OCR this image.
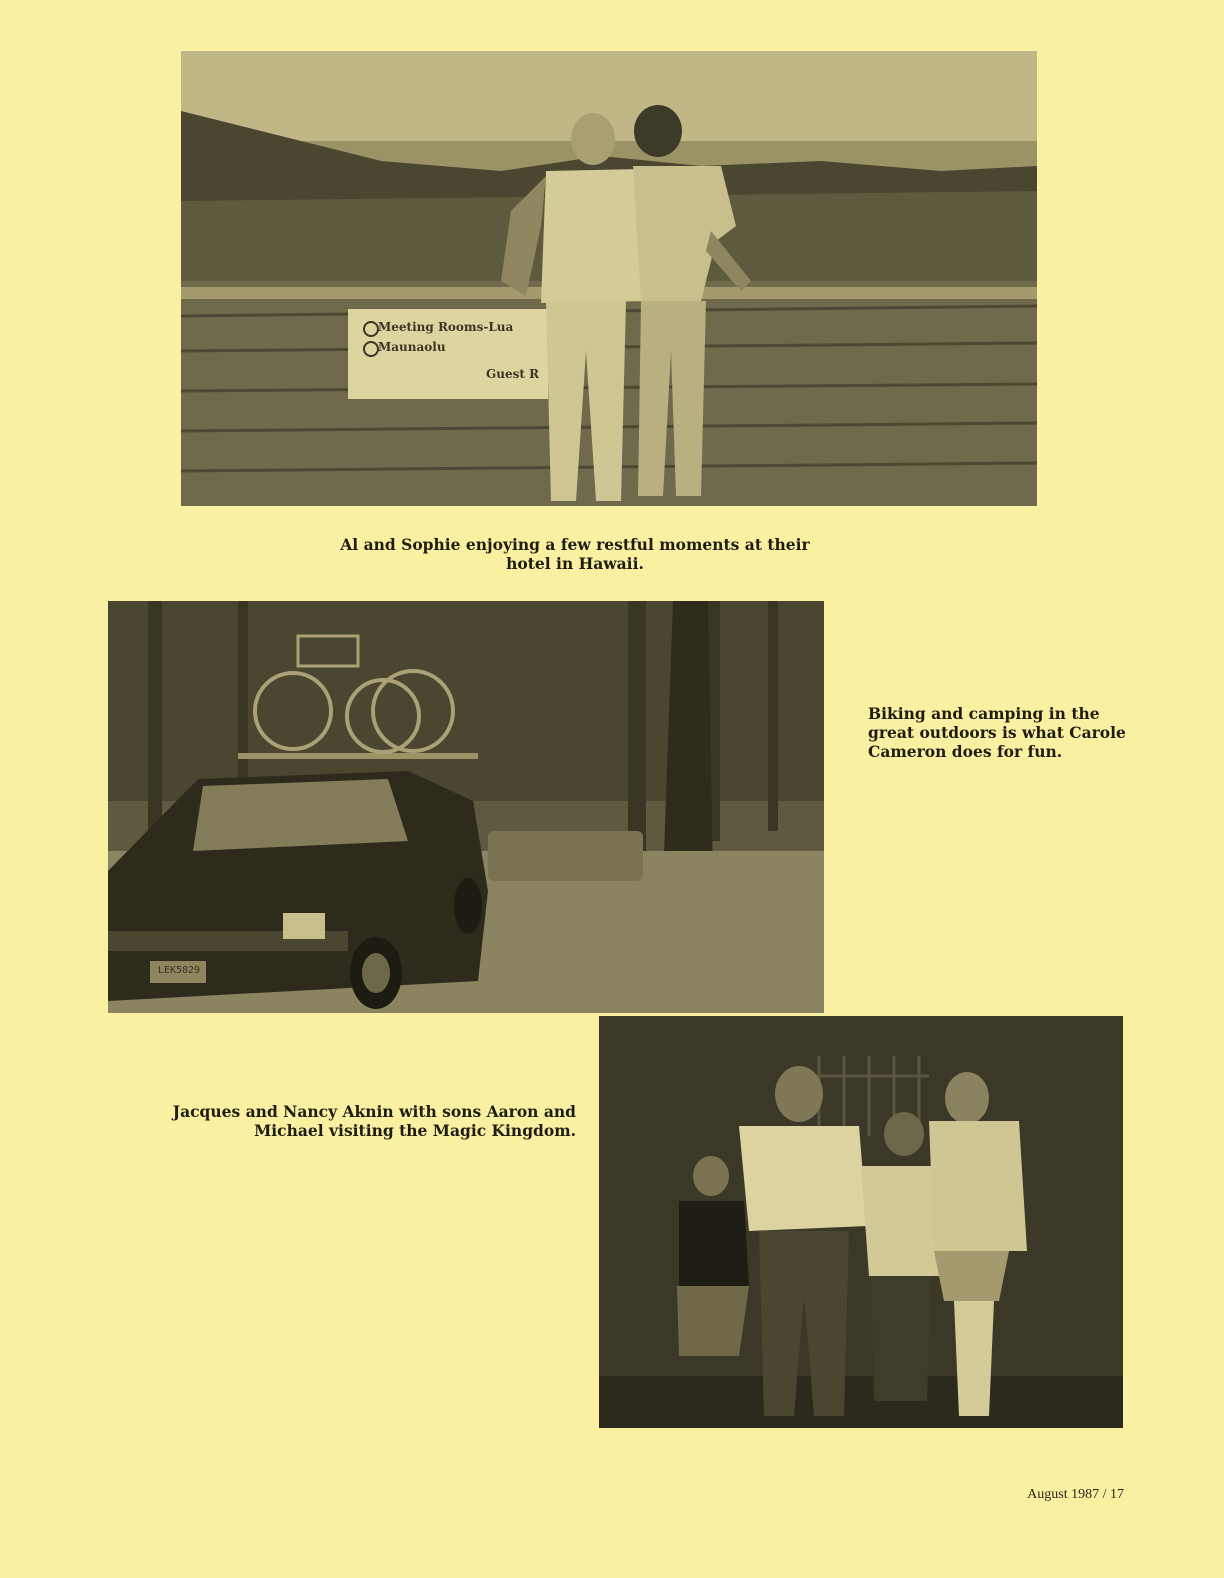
Meeting Rooms-Lua
Maunaolu
Guest R
Al and Sophie enjoying a few restful moments at their
hotel in Hawaii.
LEK5829
Biking and camping in the
great outdoors is what Carole
Cameron does for fun.
Jacques and Nancy Aknin with sons Aaron and
Michael visiting the Magic Kingdom.
August 1987 / 17
